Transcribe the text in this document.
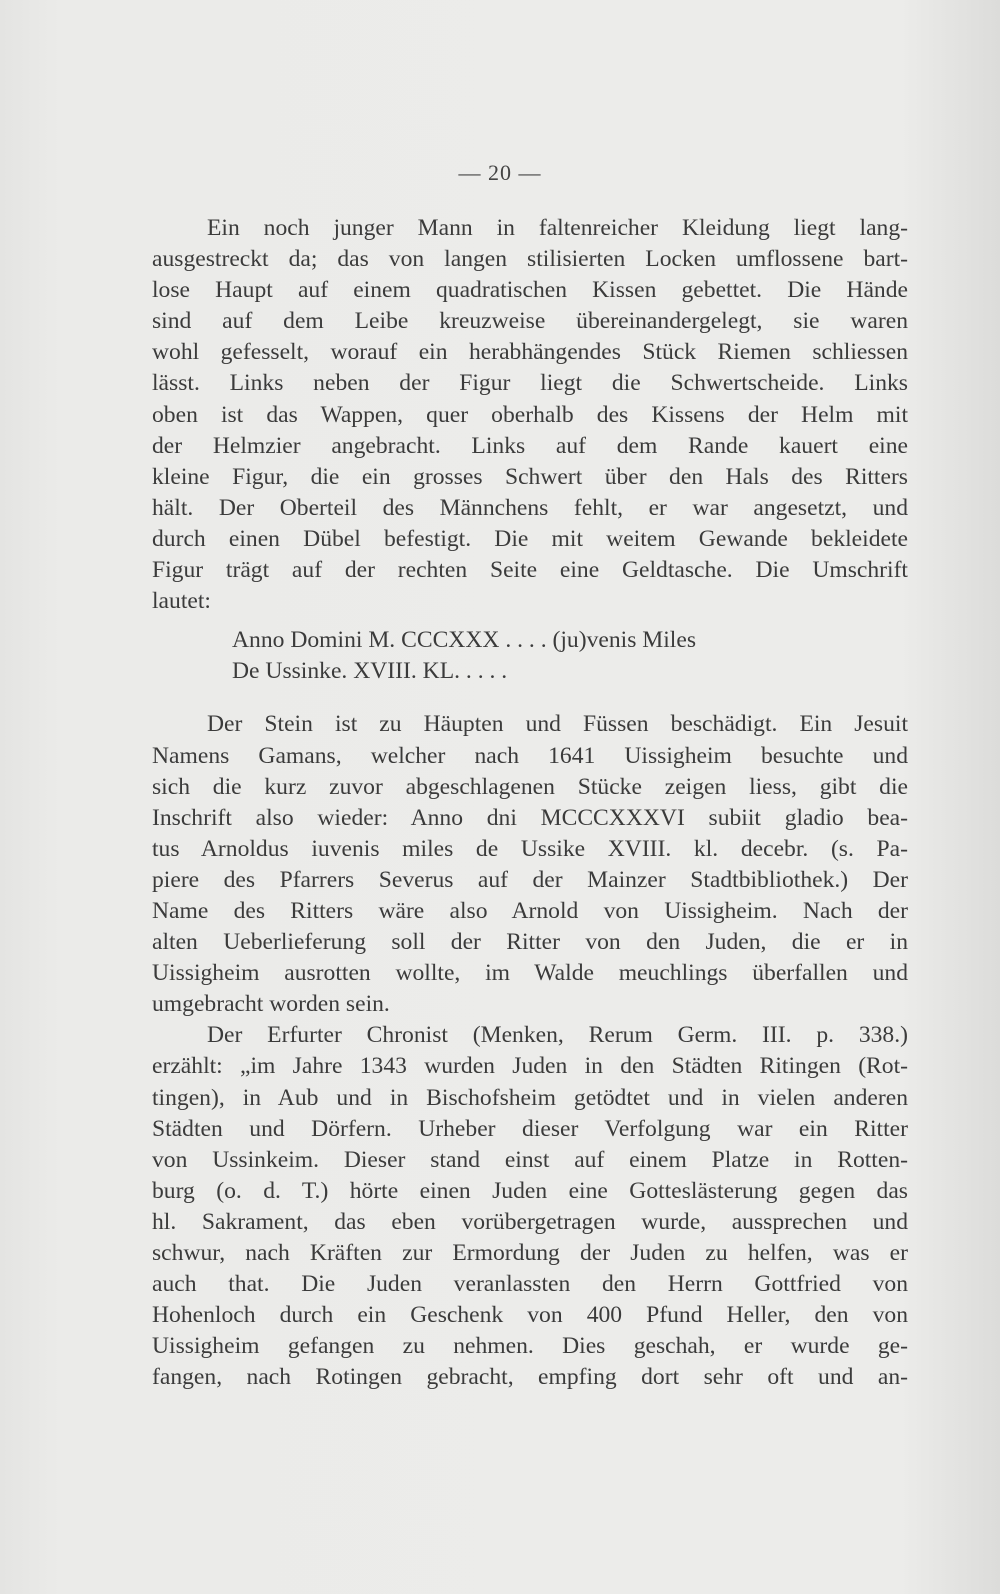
— 20 —
Ein noch junger Mann in faltenreicher Kleidung liegt lang-
ausgestreckt da; das von langen stilisierten Locken umflossene bart-
lose Haupt auf einem quadratischen Kissen gebettet. Die Hände
sind auf dem Leibe kreuzweise übereinandergelegt, sie waren
wohl gefesselt, worauf ein herabhängendes Stück Riemen schliessen
lässt. Links neben der Figur liegt die Schwertscheide. Links
oben ist das Wappen, quer oberhalb des Kissens der Helm mit
der Helmzier angebracht. Links auf dem Rande kauert eine
kleine Figur, die ein grosses Schwert über den Hals des Ritters
hält. Der Oberteil des Männchens fehlt, er war angesetzt, und
durch einen Dübel befestigt. Die mit weitem Gewande bekleidete
Figur trägt auf der rechten Seite eine Geldtasche. Die Umschrift
lautet:
Anno Domini M. CCCXXX . . . . (ju)venis Miles
De Ussinke. XVIII. KL. . . . .
Der Stein ist zu Häupten und Füssen beschädigt. Ein Jesuit
Namens Gamans, welcher nach 1641 Uissigheim besuchte und
sich die kurz zuvor abgeschlagenen Stücke zeigen liess, gibt die
Inschrift also wieder: Anno dni MCCCXXXVI subiit gladio bea-
tus Arnoldus iuvenis miles de Ussike XVIII. kl. decebr. (s. Pa-
piere des Pfarrers Severus auf der Mainzer Stadtbibliothek.) Der
Name des Ritters wäre also Arnold von Uissigheim. Nach der
alten Ueberlieferung soll der Ritter von den Juden, die er in
Uissigheim ausrotten wollte, im Walde meuchlings überfallen und
umgebracht worden sein.
Der Erfurter Chronist (Menken, Rerum Germ. III. p. 338.)
erzählt: „im Jahre 1343 wurden Juden in den Städten Ritingen (Rot-
tingen), in Aub und in Bischofsheim getödtet und in vielen anderen
Städten und Dörfern. Urheber dieser Verfolgung war ein Ritter
von Ussinkeim. Dieser stand einst auf einem Platze in Rotten-
burg (o. d. T.) hörte einen Juden eine Gotteslästerung gegen das
hl. Sakrament, das eben vorübergetragen wurde, aussprechen und
schwur, nach Kräften zur Ermordung der Juden zu helfen, was er
auch that. Die Juden veranlassten den Herrn Gottfried von
Hohenloch durch ein Geschenk von 400 Pfund Heller, den von
Uissigheim gefangen zu nehmen. Dies geschah, er wurde ge-
fangen, nach Rotingen gebracht, empfing dort sehr oft und an-
